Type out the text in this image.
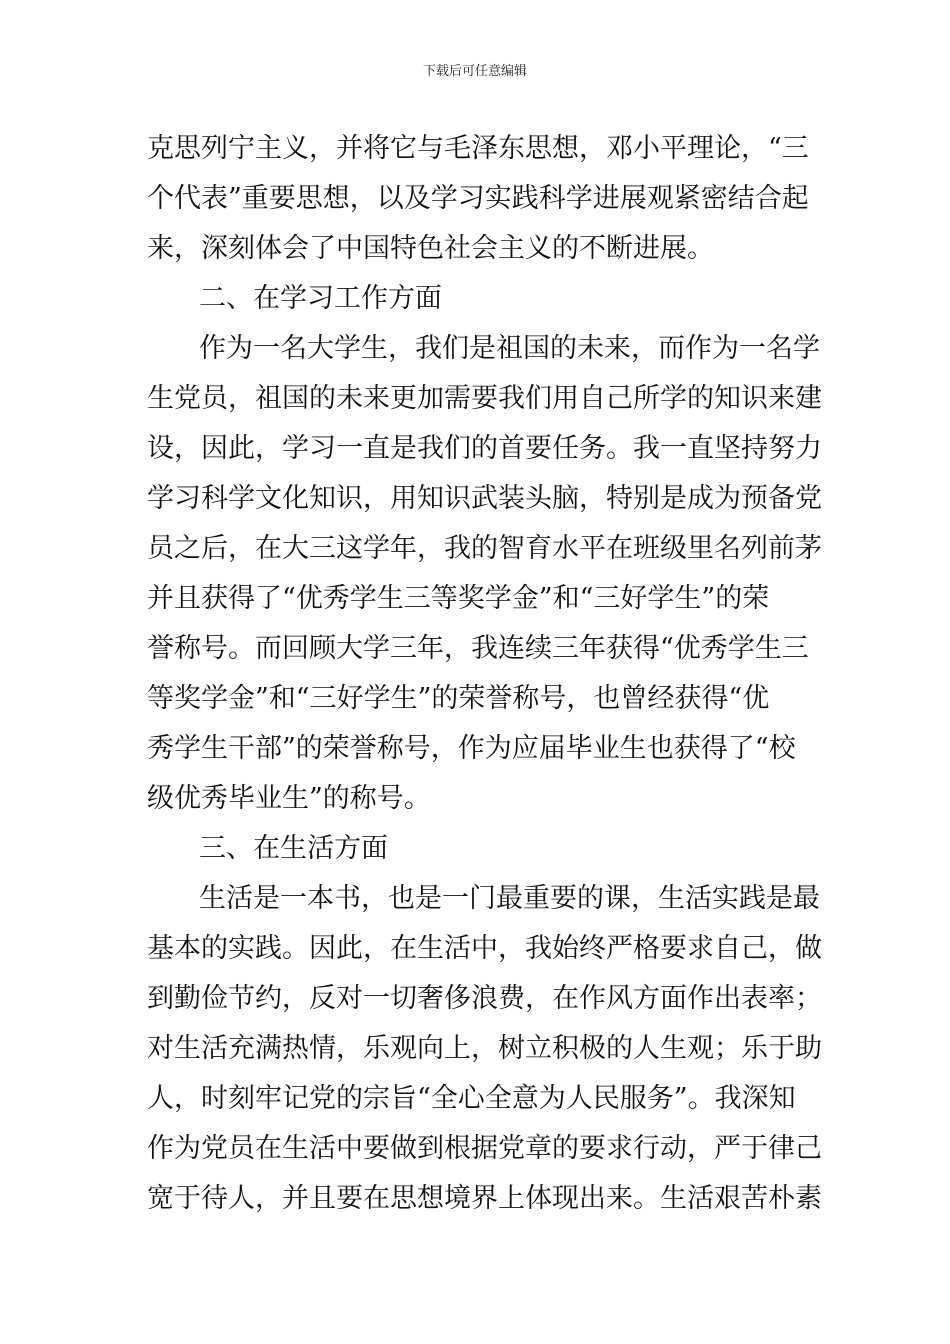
下载后可任意编辑
克思列宁主义，并将它与毛泽东思想，邓小平理论，“三
个代表”重要思想，以及学习实践科学进展观紧密结合起
来，深刻体会了中国特色社会主义的不断进展。
二、在学习工作方面
作为一名大学生，我们是祖国的未来，而作为一名学
生党员，祖国的未来更加需要我们用自己所学的知识来建
设，因此，学习一直是我们的首要任务。我一直坚持努力
学习科学文化知识，用知识武装头脑，特别是成为预备党
员之后，在大三这学年，我的智育水平在班级里名列前茅
并且获得了“优秀学生三等奖学金”和“三好学生”的荣
誉称号。而回顾大学三年，我连续三年获得“优秀学生三
等奖学金”和“三好学生”的荣誉称号，也曾经获得“优
秀学生干部”的荣誉称号，作为应届毕业生也获得了“校
级优秀毕业生”的称号。
三、在生活方面
生活是一本书，也是一门最重要的课，生活实践是最
基本的实践。因此，在生活中，我始终严格要求自己，做
到勤俭节约，反对一切奢侈浪费，在作风方面作出表率；
对生活充满热情，乐观向上，树立积极的人生观；乐于助
人，时刻牢记党的宗旨“全心全意为人民服务”。我深知
作为党员在生活中要做到根据党章的要求行动，严于律己
宽于待人，并且要在思想境界上体现出来。生活艰苦朴素
